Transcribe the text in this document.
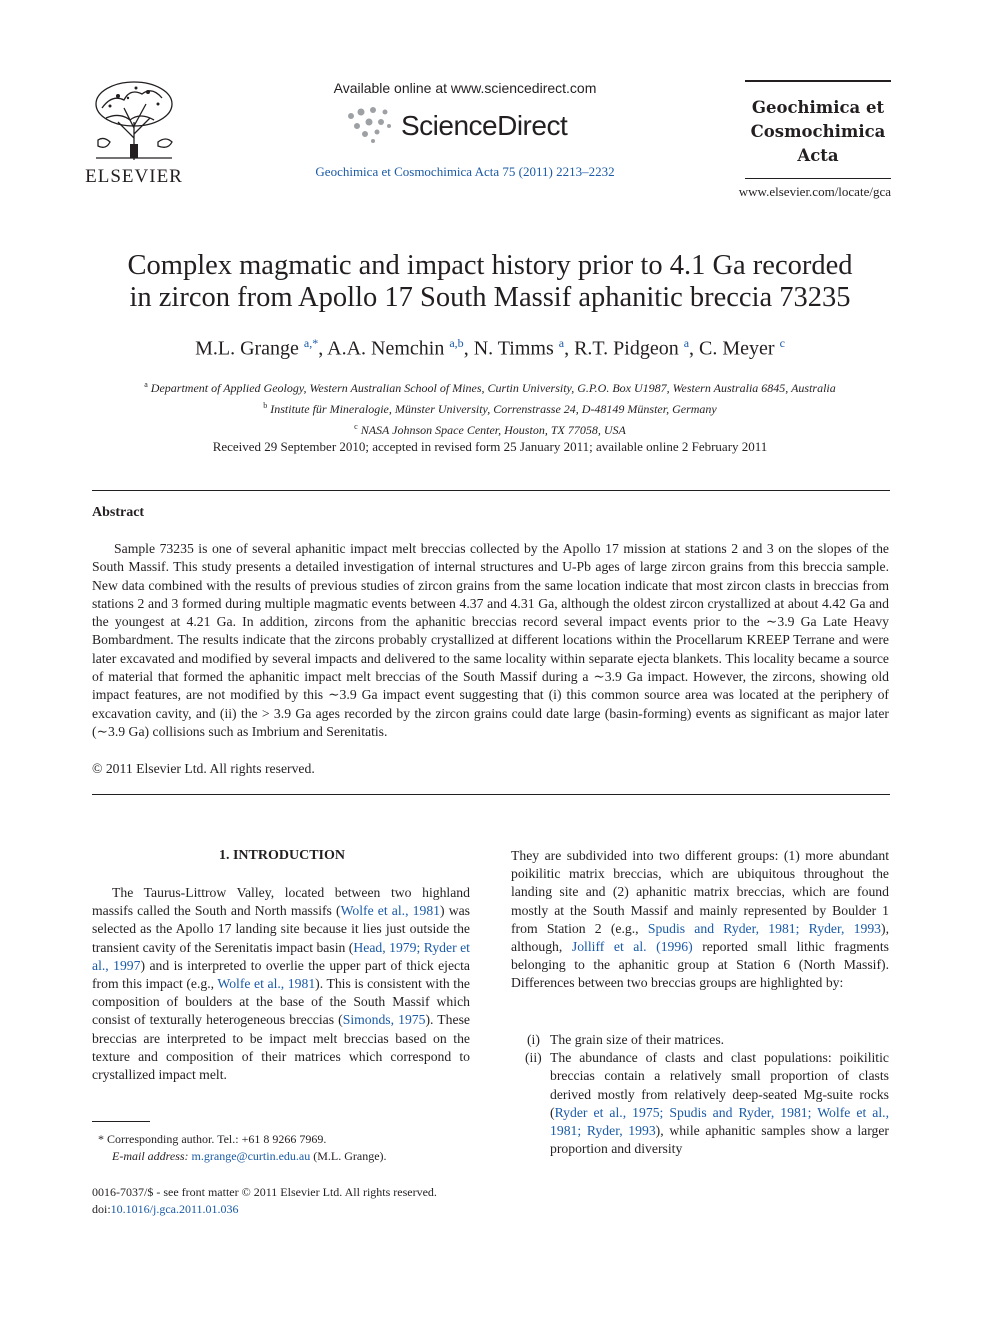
ELSEVIER
Available online at www.sciencedirect.com
ScienceDirect
Geochimica et Cosmochimica Acta 75 (2011) 2213–2232
Geochimica et
Cosmochimica
Acta
www.elsevier.com/locate/gca
Complex magmatic and impact history prior to 4.1 Ga recorded
in zircon from Apollo 17 South Massif aphanitic breccia 73235
M.L. Grange $^{a,*}$, A.A. Nemchin $^{a,b}$, N. Timms $^a$, R.T. Pidgeon $^a$, C. Meyer $^c$
$^a$ Department of Applied Geology, Western Australian School of Mines, Curtin University, G.P.O. Box U1987, Western Australia 6845, Australia
$^b$ Institute für Mineralogie, Münster University, Correnstrasse 24, D-48149 Münster, Germany
$^c$ NASA Johnson Space Center, Houston, TX 77058, USA
Received 29 September 2010; accepted in revised form 25 January 2011; available online 2 February 2011
Abstract
Sample 73235 is one of several aphanitic impact melt breccias collected by the Apollo 17 mission at stations 2 and 3 on the slopes of the South Massif. This study presents a detailed investigation of internal structures and U-Pb ages of large zircon grains from this breccia sample. New data combined with the results of previous studies of zircon grains from the same location indicate that most zircon clasts in breccias from stations 2 and 3 formed during multiple magmatic events between 4.37 and 4.31 Ga, although the oldest zircon crystallized at about 4.42 Ga and the youngest at 4.21 Ga. In addition, zircons from the aphanitic breccias record several impact events prior to the ∼3.9 Ga Late Heavy Bombardment. The results indicate that the zircons probably crystallized at different locations within the Procellarum KREEP Terrane and were later excavated and modified by several impacts and delivered to the same locality within separate ejecta blankets. This locality became a source of material that formed the aphanitic impact melt breccias of the South Massif during a ∼3.9 Ga impact. However, the zircons, showing old impact features, are not modified by this ∼3.9 Ga impact event suggesting that (i) this common source area was located at the periphery of excavation cavity, and (ii) the > 3.9 Ga ages recorded by the zircon grains could date large (basin-forming) events as significant as major later (∼3.9 Ga) collisions such as Imbrium and Serenitatis.
© 2011 Elsevier Ltd. All rights reserved.
1. INTRODUCTION
The Taurus-Littrow Valley, located between two highland massifs called the South and North massifs (Wolfe et al., 1981) was selected as the Apollo 17 landing site because it lies just outside the transient cavity of the Serenitatis impact basin (Head, 1979; Ryder et al., 1997) and is interpreted to overlie the upper part of thick ejecta from this impact (e.g., Wolfe et al., 1981). This is consistent with the composition of boulders at the base of the South Massif which consist of texturally heterogeneous breccias (Simonds, 1975). These breccias are interpreted to be impact melt breccias based on the texture and composition of their matrices which correspond to crystallized impact melt.
They are subdivided into two different groups: (1) more abundant poikilitic matrix breccias, which are ubiquitous throughout the landing site and (2) aphanitic matrix breccias, which are found mostly at the South Massif and mainly represented by Boulder 1 from Station 2 (e.g., Spudis and Ryder, 1981; Ryder, 1993), although, Jolliff et al. (1996) reported small lithic fragments belonging to the aphanitic group at Station 6 (North Massif). Differences between two breccias groups are highlighted by:
(i) The grain size of their matrices.
(ii) The abundance of clasts and clast populations: poikilitic breccias contain a relatively small proportion of clasts derived mostly from relatively deep-seated Mg-suite rocks (Ryder et al., 1975; Spudis and Ryder, 1981; Wolfe et al., 1981; Ryder, 1993), while aphanitic samples show a larger proportion and diversity
* Corresponding author. Tel.: +61 8 9266 7969.
E-mail address: m.grange@curtin.edu.au (M.L. Grange).
0016-7037/$ - see front matter © 2011 Elsevier Ltd. All rights reserved.
doi:10.1016/j.gca.2011.01.036
